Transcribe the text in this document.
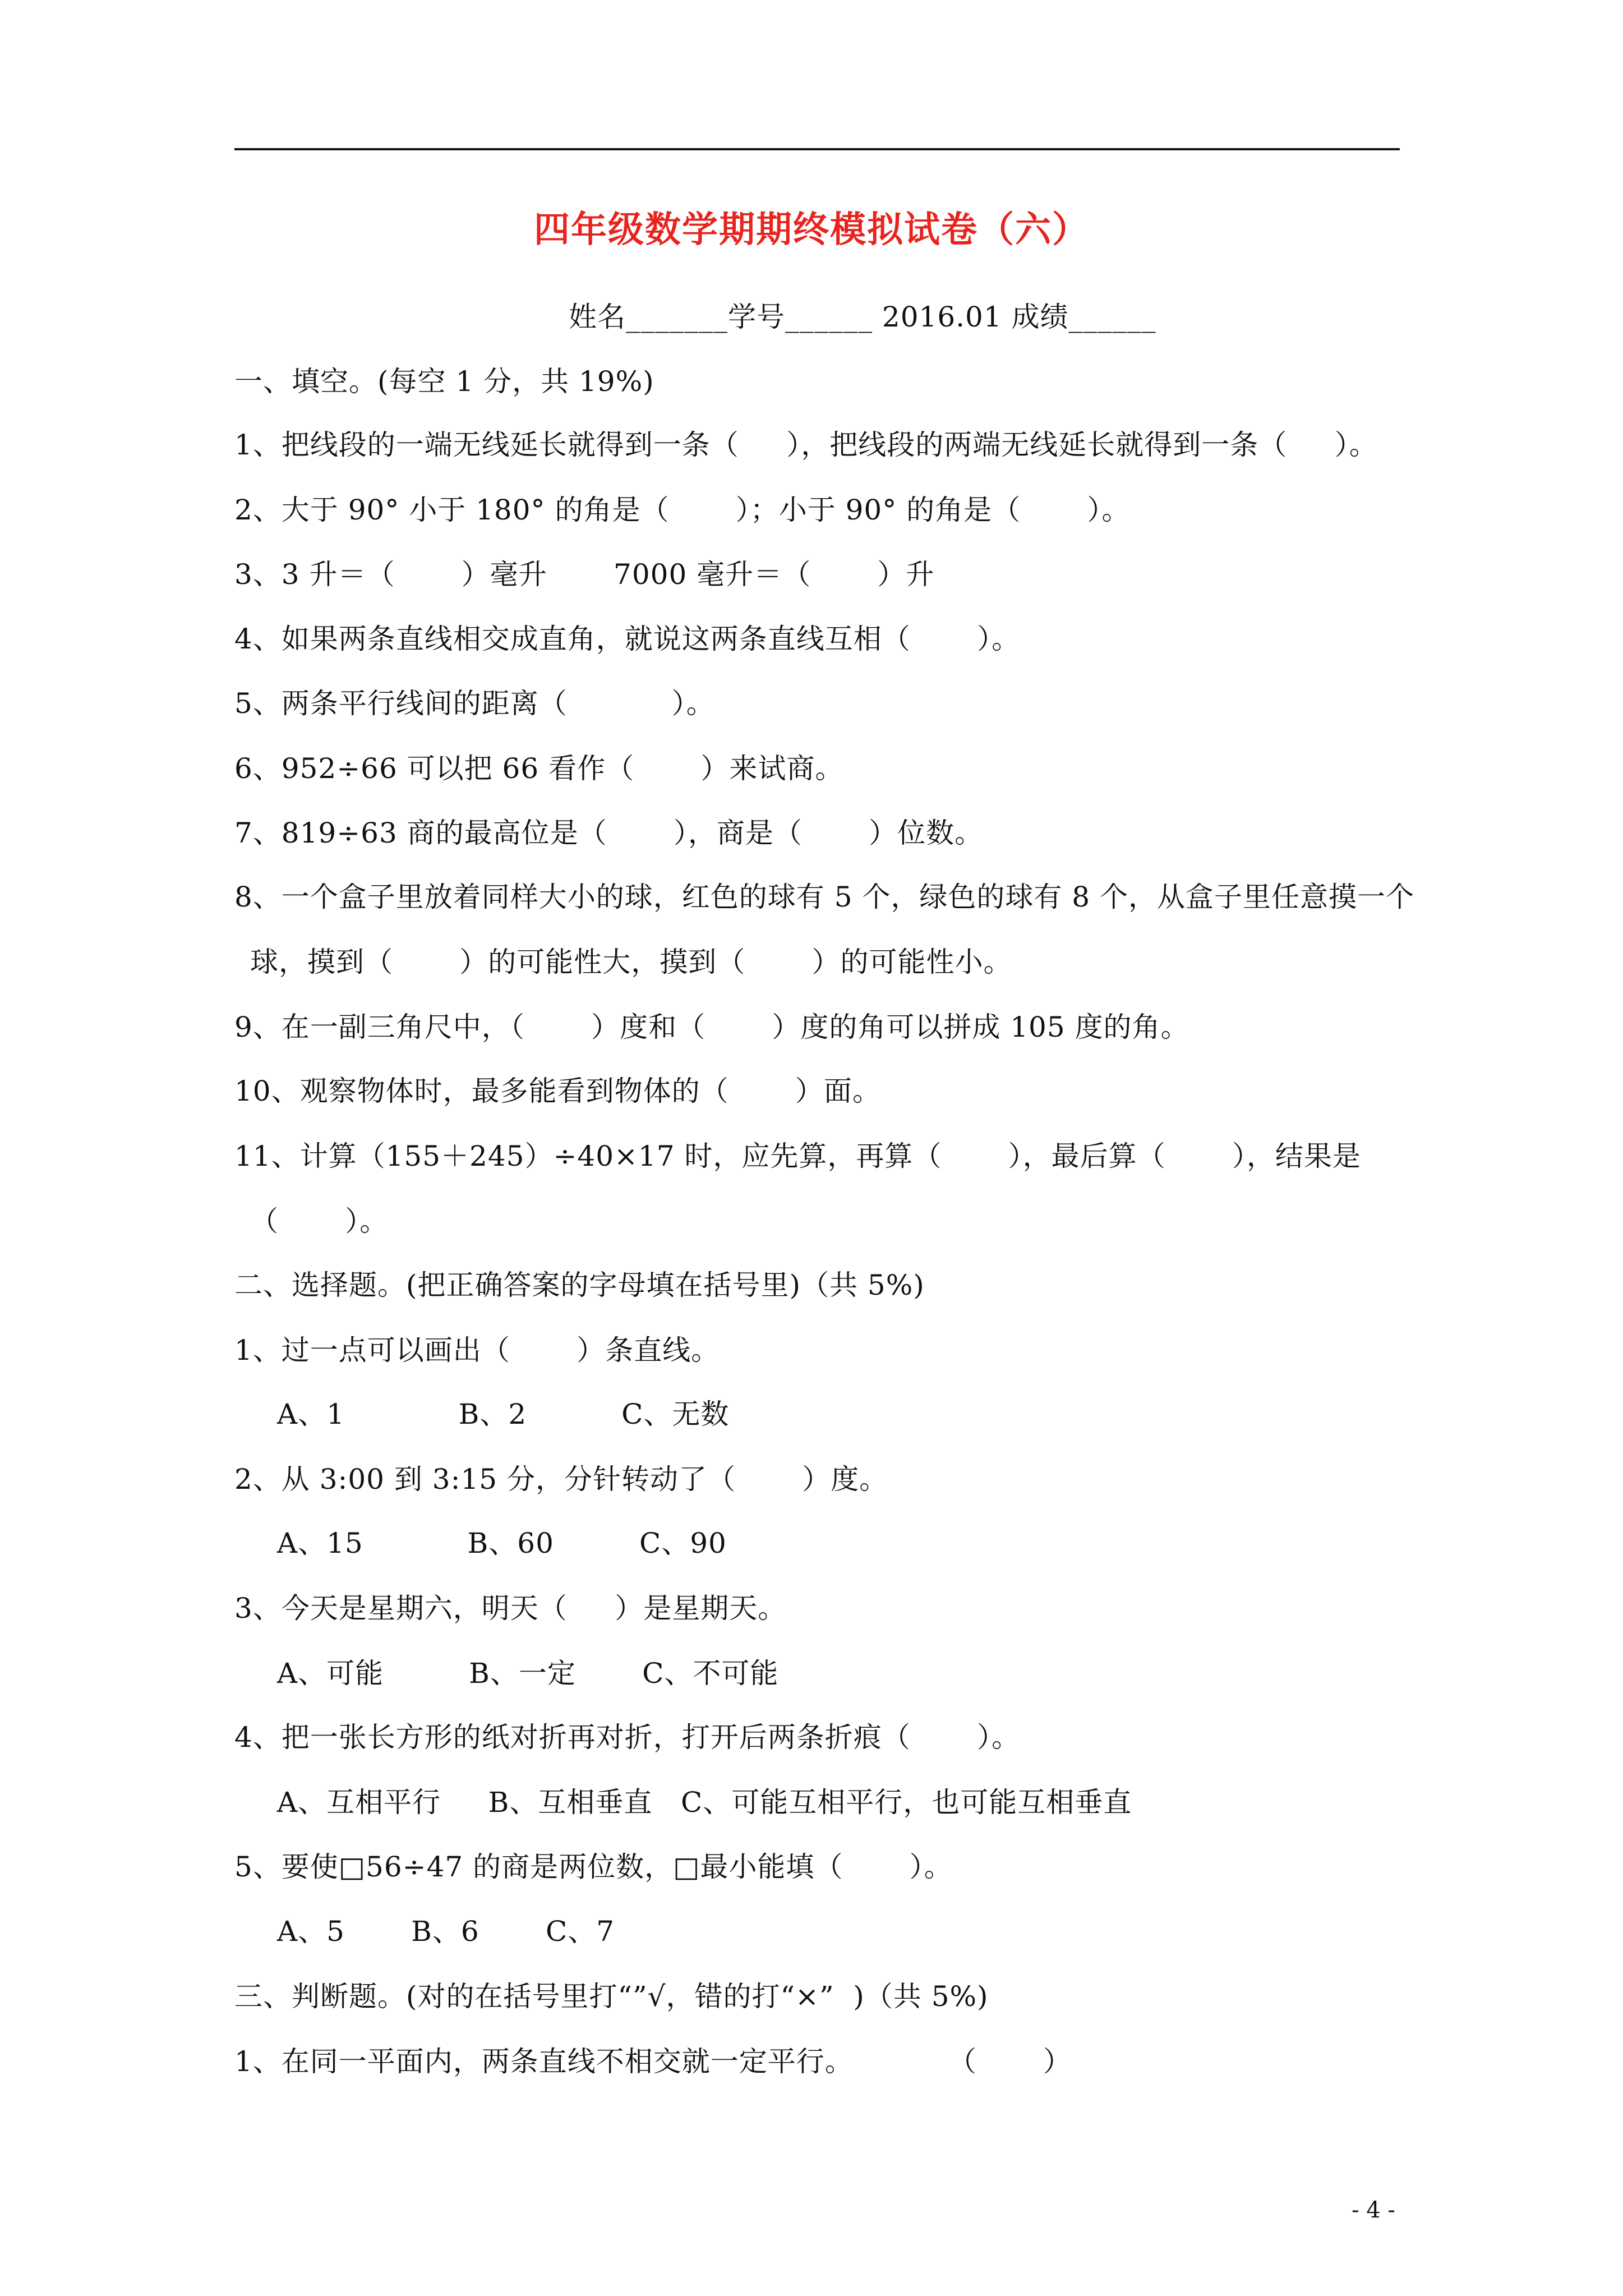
四年级数学期期终模拟试卷（六）
姓名_______学号______ 2016.01 成绩______
一、填空。(每空 1 分，共 19%)
1、把线段的一端无线延长就得到一条（     ），把线段的两端无线延长就得到一条（     ）。
2、大于 90° 小于 180° 的角是（       ）；小于 90° 的角是（       ）。
3、3 升＝（       ）毫升       7000 毫升＝（       ）升
4、如果两条直线相交成直角，就说这两条直线互相（       ）。
5、两条平行线间的距离（           ）。
6、952÷66 可以把 66 看作（       ）来试商。
7、819÷63 商的最高位是（       ），商是（       ）位数。
8、一个盒子里放着同样大小的球，红色的球有 5 个，绿色的球有 8 个，从盒子里任意摸一个
球，摸到（       ）的可能性大，摸到（       ）的可能性小。
9、在一副三角尺中，（       ）度和（       ）度的角可以拼成 105 度的角。
10、观察物体时，最多能看到物体的（       ）面。
11、计算（155＋245）÷40×17 时，应先算，再算（       ），最后算（       ），结果是
（       ）。
二、选择题。(把正确答案的字母填在括号里)（共 5%)
1、过一点可以画出（       ）条直线。
A、1            B、2          C、无数
2、从 3:00 到 3:15 分，分针转动了（       ）度。
A、15           B、60         C、90
3、今天是星期六，明天（     ）是星期天。
A、可能         B、一定       C、不可能
4、把一张长方形的纸对折再对折，打开后两条折痕（       ）。
A、互相平行     B、互相垂直   C、可能互相平行，也可能互相垂直
5、要使□56÷47 的商是两位数，□最小能填（       ）。
A、5       B、6       C、7
三、判断题。(对的在括号里打“”√，错的打“×”  )（共 5%)
1、在同一平面内，两条直线不相交就一定平行。          （       ）
- 4 -
